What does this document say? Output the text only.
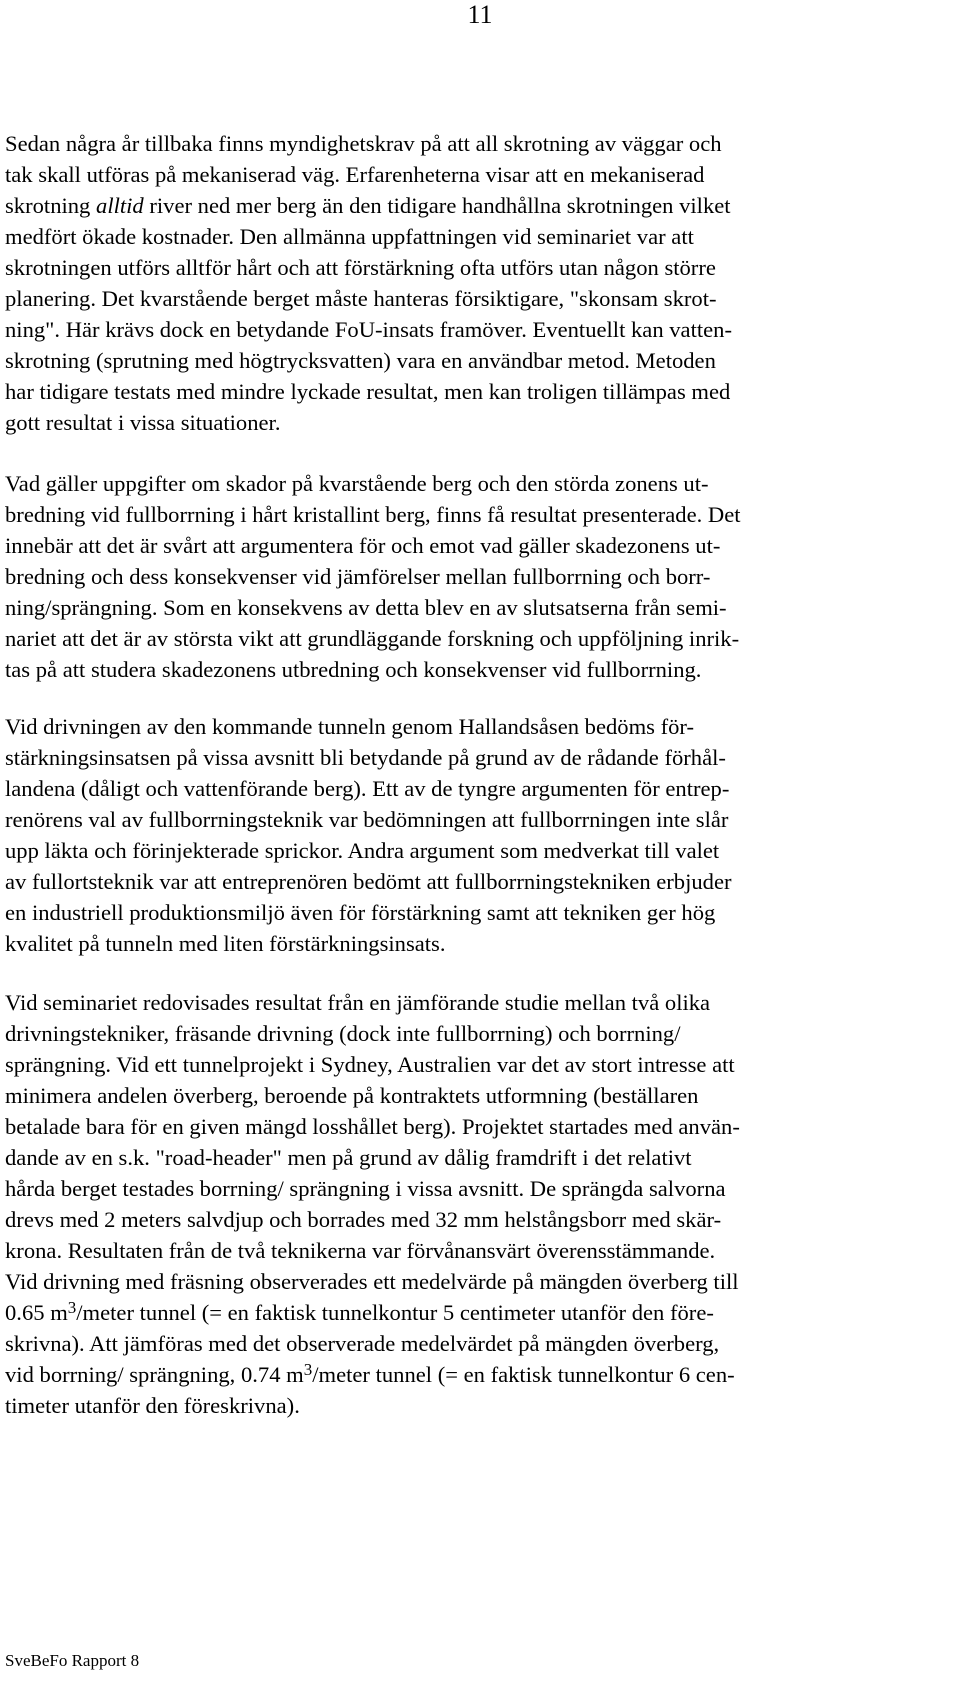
11

Sedan några år tillbaka finns myndighetskrav på att all skrotning av väggar och
tak skall utföras på mekaniserad väg. Erfarenheterna visar att en mekaniserad
skrotning alltid river ned mer berg än den tidigare handhållna skrotningen vilket
medfört ökade kostnader. Den allmänna uppfattningen vid seminariet var att
skrotningen utförs alltför hårt och att förstärkning ofta utförs utan någon större
planering. Det kvarstående berget måste hanteras försiktigare, "skonsam skrot-
ning". Här krävs dock en betydande FoU-insats framöver. Eventuellt kan vatten-
skrotning (sprutning med högtrycksvatten) vara en användbar metod. Metoden
har tidigare testats med mindre lyckade resultat, men kan troligen tillämpas med
gott resultat i vissa situationer.

Vad gäller uppgifter om skador på kvarstående berg och den störda zonens ut-
bredning vid fullborrning i hårt kristallint berg, finns få resultat presenterade. Det
innebär att det är svårt att argumentera för och emot vad gäller skadezonens ut-
bredning och dess konsekvenser vid jämförelser mellan fullborrning och borr-
ning/sprängning. Som en konsekvens av detta blev en av slutsatserna från semi-
nariet att det är av största vikt att grundläggande forskning och uppföljning inrik-
tas på att studera skadezonens utbredning och konsekvenser vid fullborrning.

Vid drivningen av den kommande tunneln genom Hallandsåsen bedöms för-
stärkningsinsatsen på vissa avsnitt bli betydande på grund av de rådande förhål-
landena (dåligt och vattenförande berg). Ett av de tyngre argumenten för entrep-
renörens val av fullborrningsteknik var bedömningen att fullborrningen inte slår
upp läkta och förinjekterade sprickor. Andra argument som medverkat till valet
av fullortsteknik var att entreprenören bedömt att fullborrningstekniken erbjuder
en industriell produktionsmiljö även för förstärkning samt att tekniken ger hög
kvalitet på tunneln med liten förstärkningsinsats.

Vid seminariet redovisades resultat från en jämförande studie mellan två olika
drivningstekniker, fräsande drivning (dock inte fullborrning) och borrning/
sprängning. Vid ett tunnelprojekt i Sydney, Australien var det av stort intresse att
minimera andelen överberg, beroende på kontraktets utformning (beställaren
betalade bara för en given mängd losshållet berg). Projektet startades med använ-
dande av en s.k. "road-header" men på grund av dålig framdrift i det relativt
hårda berget testades borrning/ sprängning i vissa avsnitt. De sprängda salvorna
drevs med 2 meters salvdjup och borrades med 32 mm helstångsborr med skär-
krona. Resultaten från de två teknikerna var förvånansvärt överensstämmande.
Vid drivning med fräsning observerades ett medelvärde på mängden överberg till
0.65 $m^3$/meter tunnel (= en faktisk tunnelkontur 5 centimeter utanför den före-
skrivna). Att jämföras med det observerade medelvärdet på mängden överberg,
vid borrning/ sprängning, 0.74 $m^3$/meter tunnel (= en faktisk tunnelkontur 6 cen-
timeter utanför den föreskrivna).

SveBeFo Rapport 8
